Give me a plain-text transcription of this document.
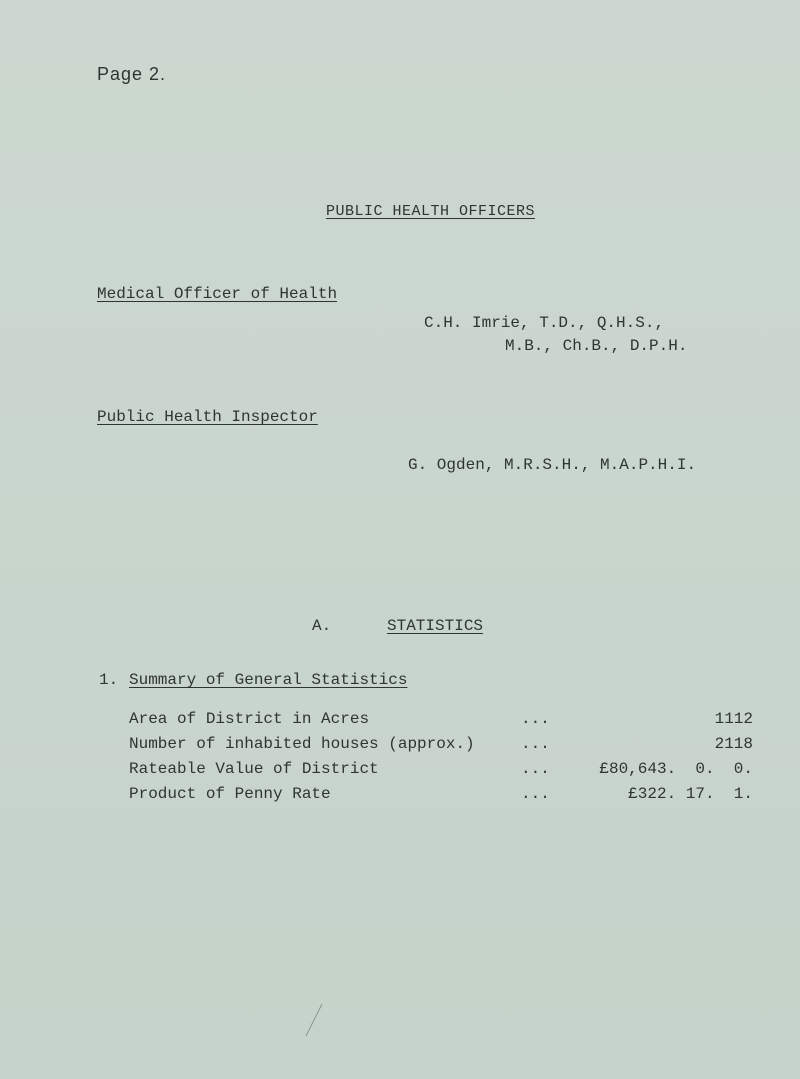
Page 2.
PUBLIC HEALTH OFFICERS
Medical Officer of Health
C.H. Imrie, T.D., Q.H.S.,
M.B., Ch.B., D.P.H.
Public Health Inspector
G. Ogden, M.R.S.H., M.A.P.H.I.
A.	STATISTICS
1. Summary of General Statistics
Area of District in Acres	...	1112
Number of inhabited houses (approx.)	...	2118
Rateable Value of District	...	£80,643.  0.  0.
Product of Penny Rate	...	£322. 17.  1.
